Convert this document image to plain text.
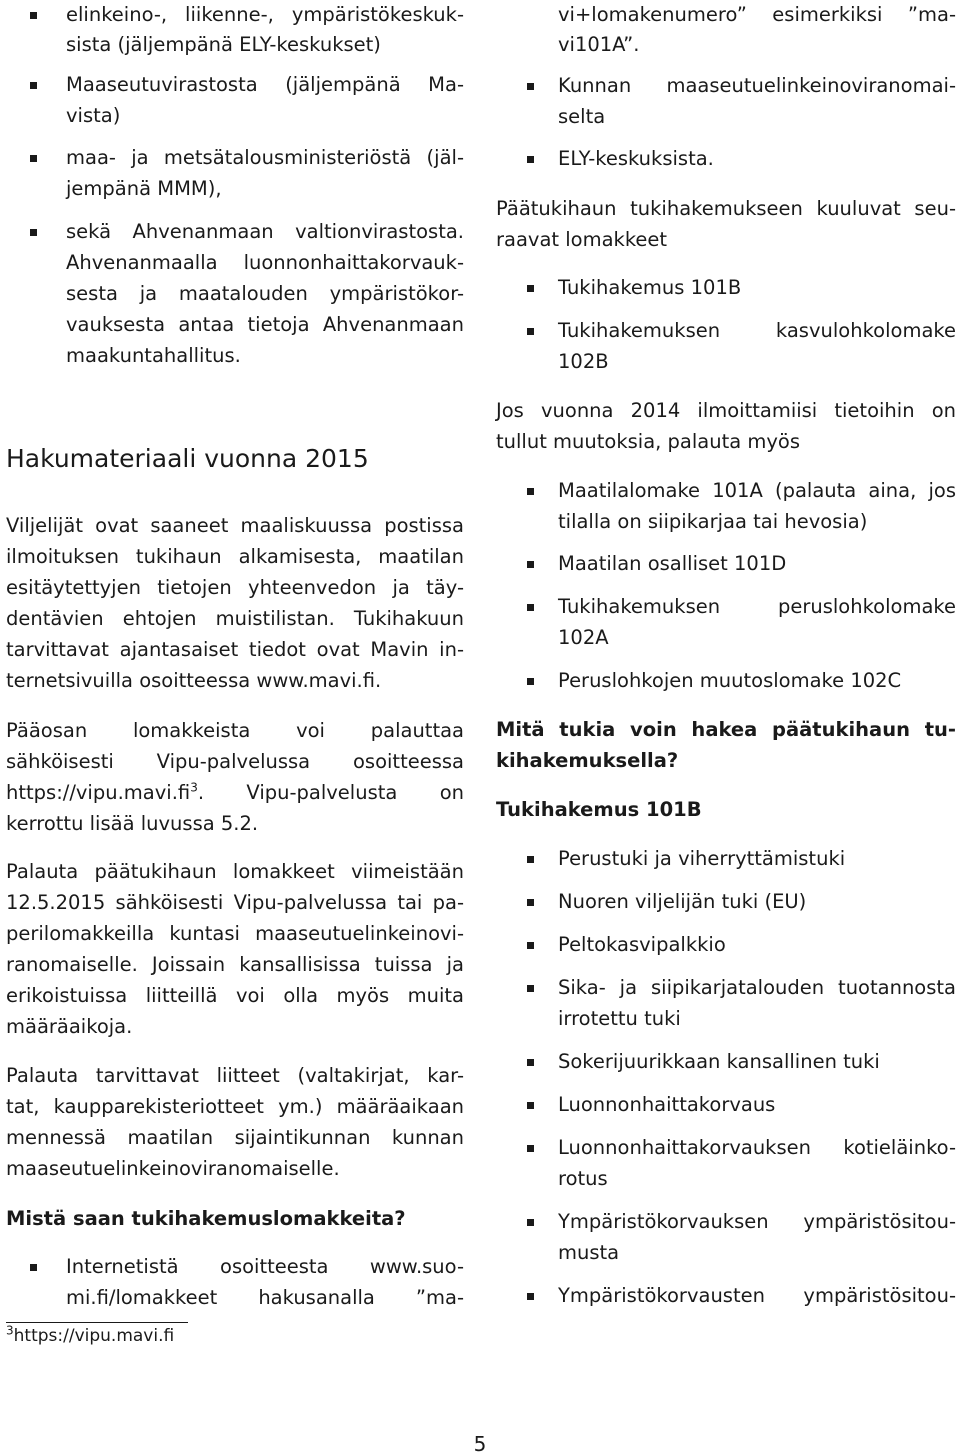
elinkeino-, liikenne-, ympäristökeskuk-
sista (jäljempänä ELY-keskukset)
Maaseutuvirastosta (jäljempänä Ma-
vista)
maa- ja metsätalousministeriöstä (jäl-
jempänä MMM),
sekä Ahvenanmaan valtionvirastosta.
Ahvenanmaalla luonnonhaittakorvauk-
sesta ja maatalouden ympäristökor-
vauksesta antaa tietoja Ahvenanmaan
maakuntahallitus.
Hakumateriaali vuonna 2015
Viljelijät ovat saaneet maaliskuussa postissa
ilmoituksen tukihaun alkamisesta, maatilan
esitäytettyjen tietojen yhteenvedon ja täy-
dentävien ehtojen muistilistan. Tukihakuun
tarvittavat ajantasaiset tiedot ovat Mavin in-
ternetsivuilla osoitteessa www.mavi.fi.
Pääosan lomakkeista voi palauttaa
sähköisesti Vipu-palvelussa osoitteessa
$https://vipu.mavi.fi^3$. Vipu-palvelusta on
kerrottu lisää luvussa 5.2.
Palauta päätukihaun lomakkeet viimeistään
12.5.2015 sähköisesti Vipu-palvelussa tai pa-
perilomakkeilla kuntasi maaseutuelinkeinovi-
ranomaiselle. Joissain kansallisissa tuissa ja
erikoistuissa liitteillä voi olla myös muita
määräaikoja.
Palauta tarvittavat liitteet (valtakirjat, kar-
tat, kaupparekisteriotteet ym.) määräaikaan
mennessä maatilan sijaintikunnan kunnan
maaseutuelinkeinoviranomaiselle.
Mistä saan tukihakemuslomakkeita?
Internetistä osoitteesta www.suo-
mi.fi/lomakkeet hakusanalla ”ma-
$^3$https://vipu.mavi.fi
vi+lomakenumero” esimerkiksi ”ma-
vi101A”.
Kunnan maaseutuelinkeinoviranomai-
selta
ELY-keskuksista.
Päätukihaun tukihakemukseen kuuluvat seu-
raavat lomakkeet
Tukihakemus 101B
Tukihakemuksen kasvulohkolomake
102B
Jos vuonna 2014 ilmoittamiisi tietoihin on
tullut muutoksia, palauta myös
Maatilalomake 101A (palauta aina, jos
tilalla on siipikarjaa tai hevosia)
Maatilan osalliset 101D
Tukihakemuksen peruslohkolomake
102A
Peruslohkojen muutoslomake 102C
Mitä tukia voin hakea päätukihaun tu-
kihakemuksella?
Tukihakemus 101B
Perustuki ja viherryttämistuki
Nuoren viljelijän tuki (EU)
Peltokasvipalkkio
Sika- ja siipikarjatalouden tuotannosta
irrotettu tuki
Sokerijuurikkaan kansallinen tuki
Luonnonhaittakorvaus
Luonnonhaittakorvauksen kotieläinko-
rotus
Ympäristökorvauksen ympäristösitou-
musta
Ympäristökorvausten ympäristösitou-
5
